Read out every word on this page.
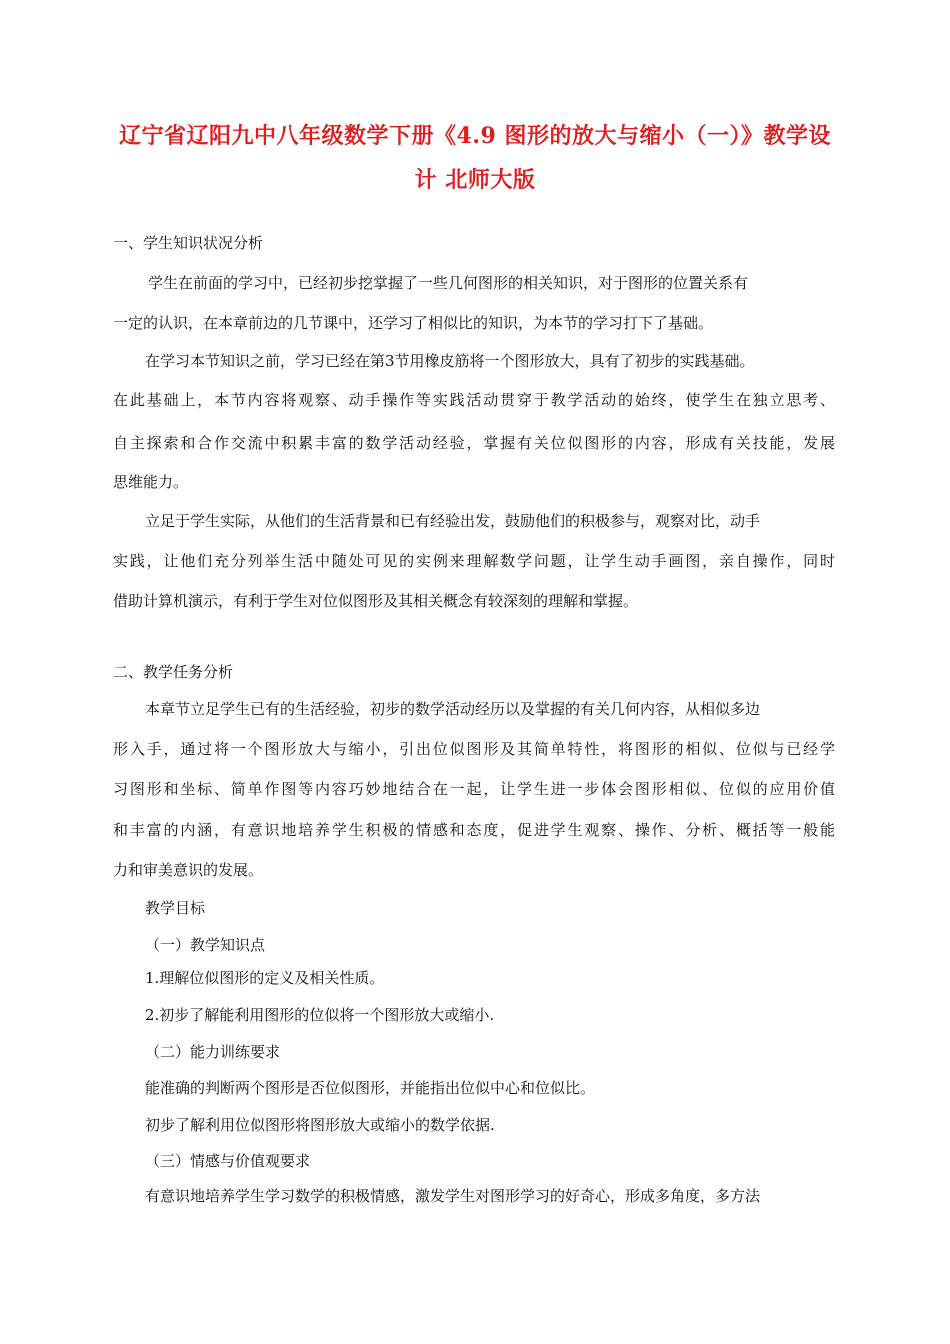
辽宁省辽阳九中八年级数学下册《4.9 图形的放大与缩小（一）》教学设
计 北师大版
一、学生知识状况分析
学生在前面的学习中，已经初步挖掌握了一些几何图形的相关知识，对于图形的位置关系有
一定的认识，在本章前边的几节课中，还学习了相似比的知识，为本节的学习打下了基础。
在学习本节知识之前，学习已经在第3节用橡皮筋将一个图形放大，具有了初步的实践基础。
在此基础上，本节内容将观察、动手操作等实践活动贯穿于教学活动的始终，使学生在独立思考、
自主探索和合作交流中积累丰富的数学活动经验，掌握有关位似图形的内容，形成有关技能，发展
思维能力。
立足于学生实际，从他们的生活背景和已有经验出发，鼓励他们的积极参与，观察对比，动手
实践，让他们充分列举生活中随处可见的实例来理解数学问题，让学生动手画图，亲自操作，同时
借助计算机演示，有利于学生对位似图形及其相关概念有较深刻的理解和掌握。
二、教学任务分析
本章节立足学生已有的生活经验，初步的数学活动经历以及掌握的有关几何内容，从相似多边
形入手，通过将一个图形放大与缩小，引出位似图形及其简单特性，将图形的相似、位似与已经学
习图形和坐标、简单作图等内容巧妙地结合在一起，让学生进一步体会图形相似、位似的应用价值
和丰富的内涵，有意识地培养学生积极的情感和态度，促进学生观察、操作、分析、概括等一般能
力和审美意识的发展。
教学目标
（一）教学知识点
1.理解位似图形的定义及相关性质。
2.初步了解能利用图形的位似将一个图形放大或缩小.
（二）能力训练要求
能准确的判断两个图形是否位似图形，并能指出位似中心和位似比。
初步了解利用位似图形将图形放大或缩小的数学依据.
（三）情感与价值观要求
有意识地培养学生学习数学的积极情感，激发学生对图形学习的好奇心，形成多角度，多方法
